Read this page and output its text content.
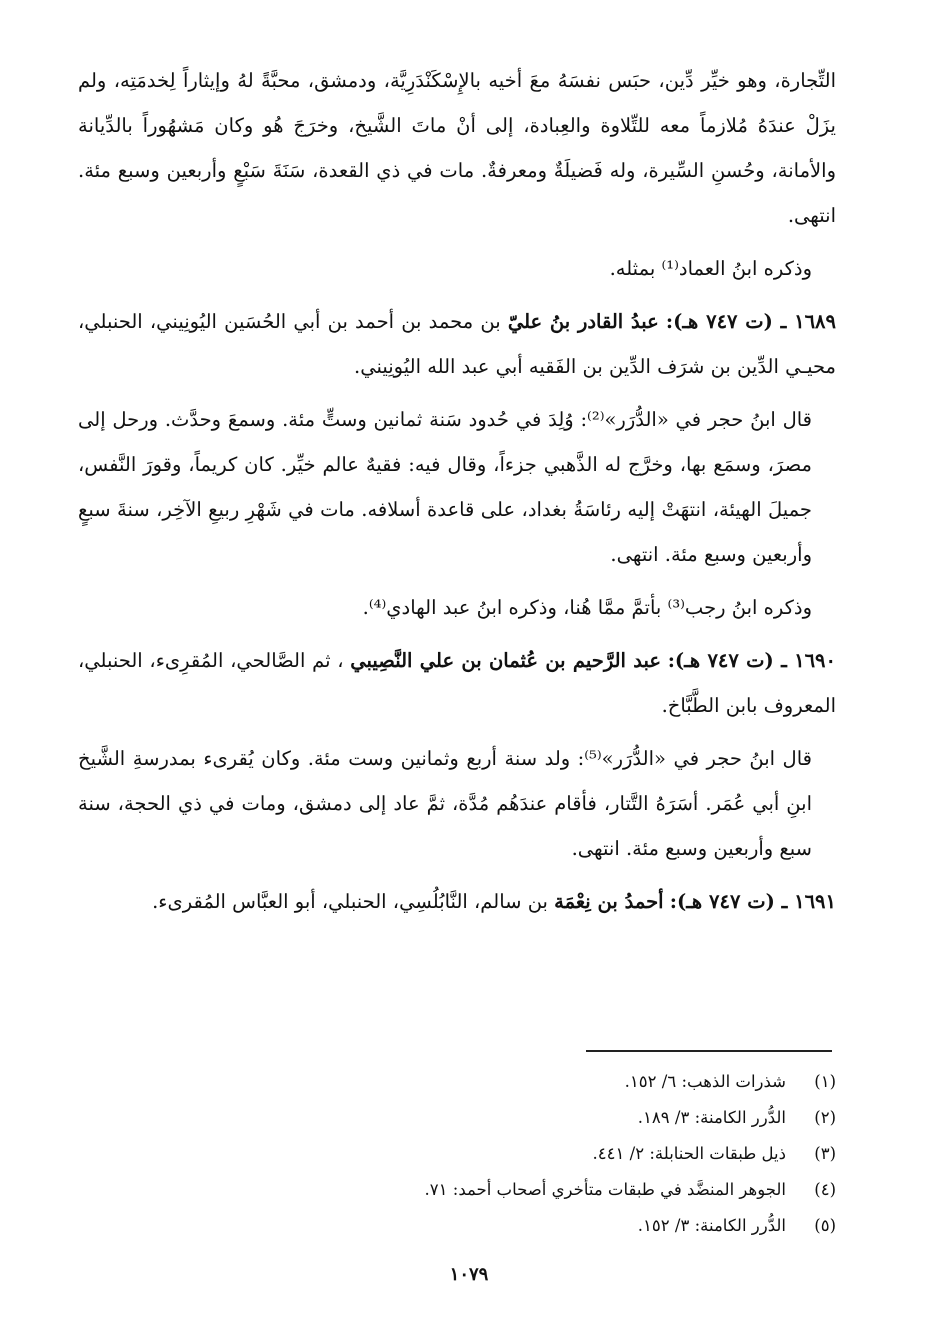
التِّجارة، وهو خيِّر دِّين، حبَس نفسَهُ معَ أخيه بالإِسْكَنْدَرِيَّة، ودمشق، محبَّةً لهُ وإيثاراً لِخدمَتِه، ولم يزَلْ عندَهُ مُلازماً معه للتِّلاوة والعِبادة، إلى أنْ ماتَ الشَّيخ، وخرَجَ هُو وكان مَشهُوراً بالدِّيانة والأمانة، وحُسنِ السِّيرة، وله فَضيلَةٌ ومعرفةٌ. مات في ذي القعدة، سَنَةَ سَبْعٍ وأربعين وسبع مئة. انتهى.

وذكره ابنُ العماد⁽¹⁾ بمثله.

١٦٨٩ ـ (ت ٧٤٧ هـ): عبدُ القادر بنُ عليّ بن محمد بن أحمد بن أبي الحُسَين اليُونِيني، الحنبلي، محيـي الدِّين بن شرَف الدِّين بن الفَقيه أبي عبد الله اليُونِيني.

قال ابنُ حجر في «الدُّرَر»⁽²⁾: وُلِدَ في حُدود سَنة ثمانين وستٍّ مئة. وسمعَ وحدَّث. ورحل إلى مصرَ، وسمَع بها، وخرَّج له الذَّهبي جزءاً، وقال فيه: فقيهٌ عالم خيِّر. كان كريماً، وقورَ النَّفس، جميلَ الهيئة، انتهَتْ إليه رئاسَةُ بغداد، على قاعدة أسلافه. مات في شَهْرِ ربيعِ الآخِر، سنةَ سبعٍ وأربعين وسبع مئة. انتهى.

وذكره ابنُ رجب⁽³⁾ بأتمَّ ممَّا هُنا، وذكره ابنُ عبد الهادي⁽⁴⁾.

١٦٩٠ ـ (ت ٧٤٧ هـ): عبد الرَّحيم بن عُثمان بن علي النَّصِيبي ، ثم الصَّالحي، المُقرِىء، الحنبلي، المعروف بابن الطَّبَّاخ.

قال ابنُ حجر في «الدُّرَر»⁽⁵⁾: ولد سنة أربع وثمانين وست مئة. وكان يُقرىء بمدرسةِ الشَّيخ ابنِ أبي عُمَر. أسَرَهُ التَّتار، فأقام عندَهُم مُدَّة، ثمَّ عاد إلى دمشق، ومات في ذي الحجة، سنة سبع وأربعين وسبع مئة. انتهى.

١٦٩١ ـ (ت ٧٤٧ هـ): أحمدُ بن نِعْمَة بن سالم، النَّابُلُسِي، الحنبلي، أبو العبَّاس المُقرىء.

(١)
شذرات الذهب: ٦/ ١٥٢.
(٢)
الدُّرر الكامنة: ٣/ ١٨٩.
(٣)
ذيل طبقات الحنابلة: ٢/ ٤٤١.
(٤)
الجوهر المنضَّد في طبقات متأخري أصحاب أحمد: ٧١.
(٥)
الدُّرر الكامنة: ٣/ ١٥٢.
١٠٧٩
